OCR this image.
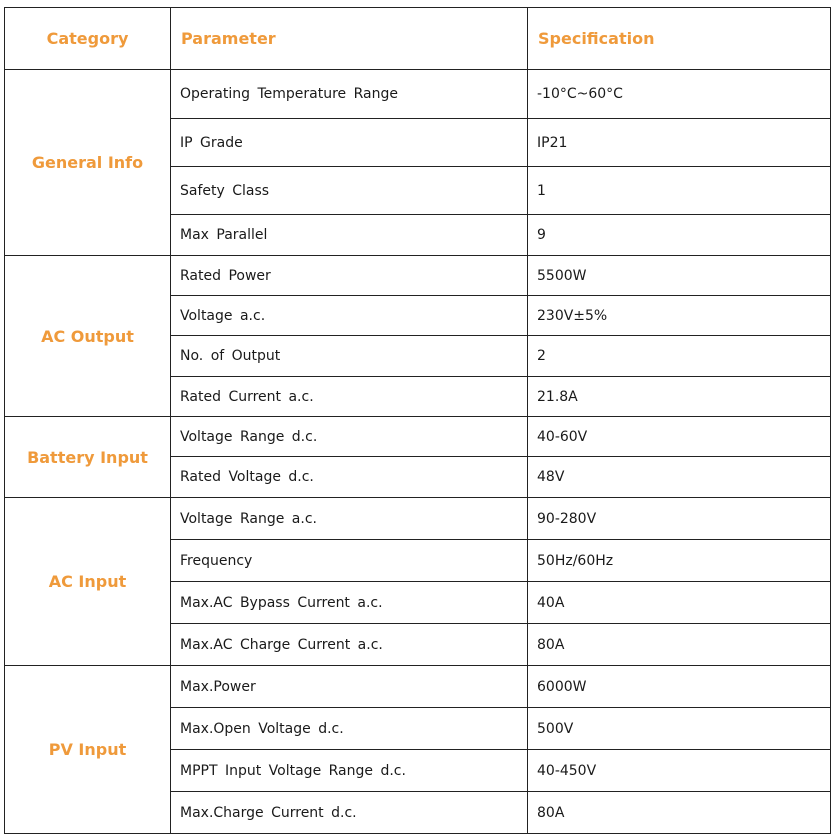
Category	Parameter	Specification
General Info	Operating Temperature Range	-10°C~60°C
	IP Grade	IP21
	Safety Class	1
	Max Parallel	9
AC Output	Rated Power	5500W
	Voltage a.c.	230V±5%
	No. of Output	2
	Rated Current a.c.	21.8A
Battery Input	Voltage Range d.c.	40-60V
	Rated Voltage d.c.	48V
AC Input	Voltage Range a.c.	90-280V
	Frequency	50Hz/60Hz
	Max.AC Bypass Current a.c.	40A
	Max.AC Charge Current a.c.	80A
PV Input	Max.Power	6000W
	Max.Open Voltage d.c.	500V
	MPPT Input Voltage Range d.c.	40-450V
	Max.Charge Current d.c.	80A
